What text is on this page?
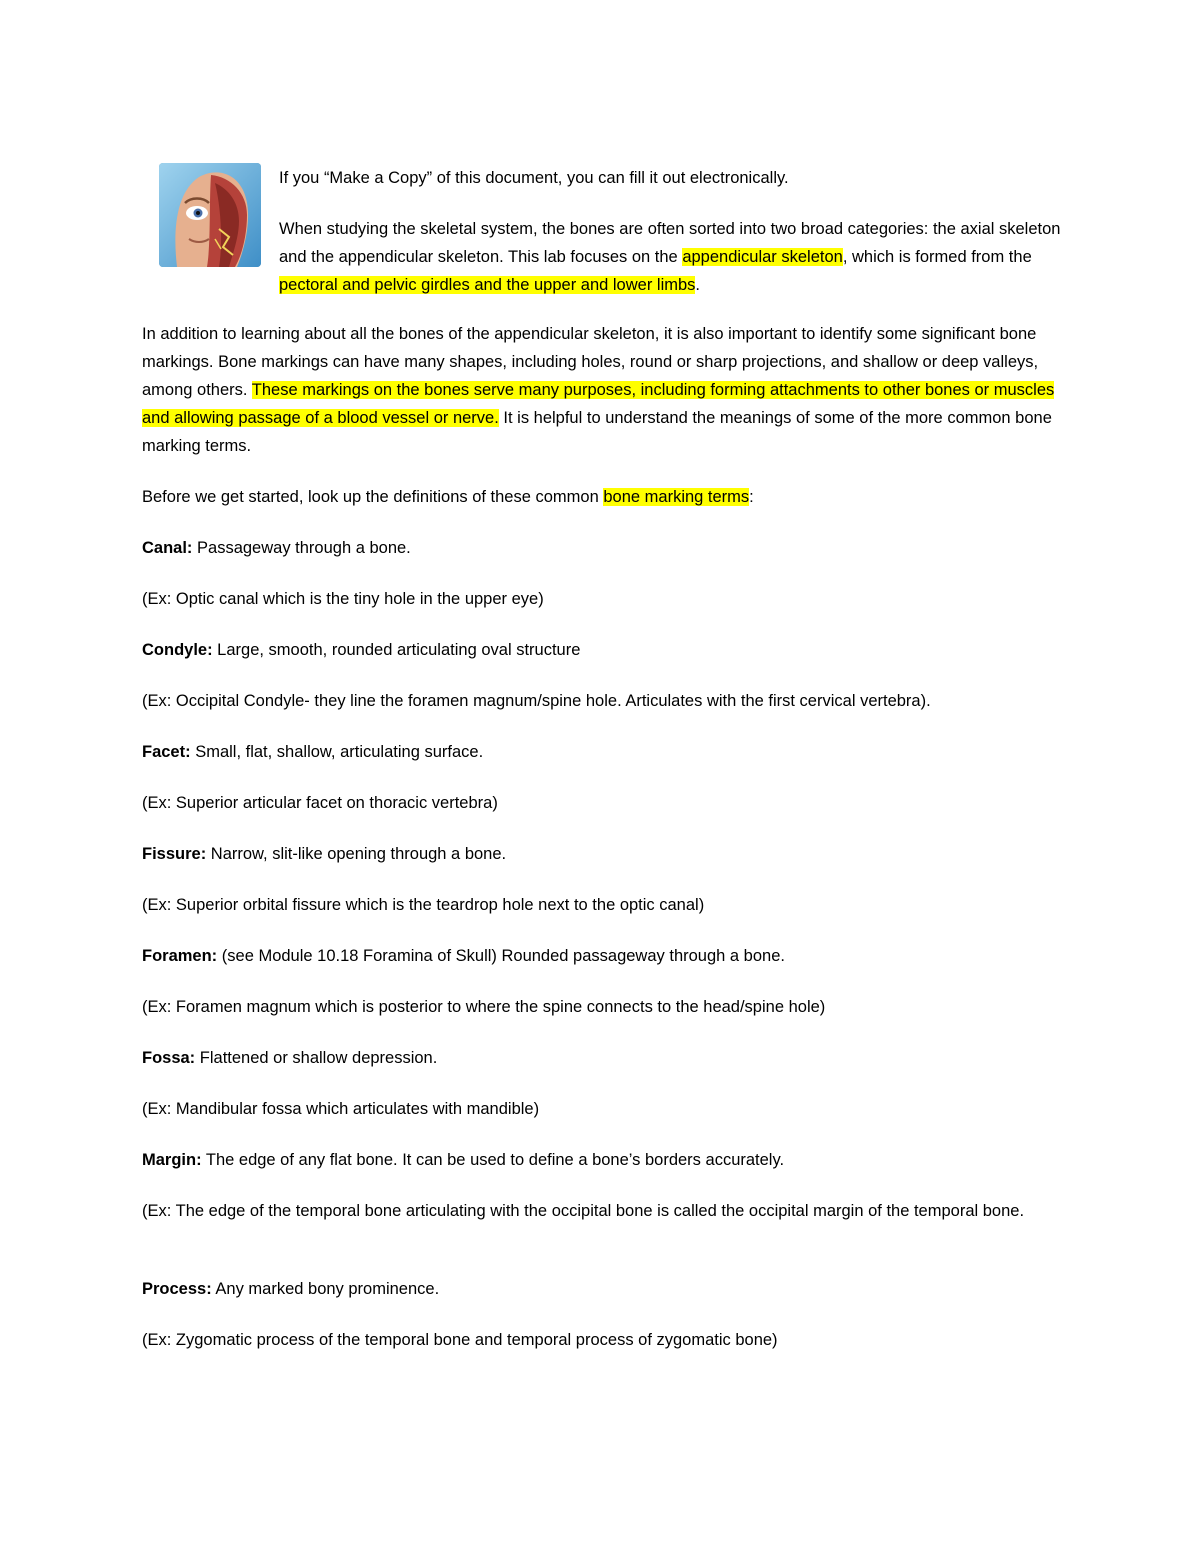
If you “Make a Copy” of this document, you can fill it out electronically.

When studying the skeletal system, the bones are often sorted into two broad categories: the axial skeleton and the appendicular skeleton. This lab focuses on the appendicular skeleton, which is formed from the pectoral and pelvic girdles and the upper and lower limbs.

In addition to learning about all the bones of the appendicular skeleton, it is also important to identify some significant bone markings. Bone markings can have many shapes, including holes, round or sharp projections, and shallow or deep valleys, among others. These markings on the bones serve many purposes, including forming attachments to other bones or muscles and allowing passage of a blood vessel or nerve. It is helpful to understand the meanings of some of the more common bone marking terms.

Before we get started, look up the definitions of these common bone marking terms:

Canal: Passageway through a bone.

(Ex: Optic canal which is the tiny hole in the upper eye)

Condyle: Large, smooth, rounded articulating oval structure

(Ex: Occipital Condyle- they line the foramen magnum/spine hole. Articulates with the first cervical vertebra).

Facet: Small, flat, shallow, articulating surface.

(Ex: Superior articular facet on thoracic vertebra)

Fissure: Narrow, slit-like opening through a bone.

(Ex: Superior orbital fissure which is the teardrop hole next to the optic canal)

Foramen: (see Module 10.18 Foramina of Skull) Rounded passageway through a bone.

(Ex: Foramen magnum which is posterior to where the spine connects to the head/spine hole)

Fossa: Flattened or shallow depression.

(Ex: Mandibular fossa which articulates with mandible)

Margin: The edge of any flat bone. It can be used to define a bone’s borders accurately.

(Ex: The edge of the temporal bone articulating with the occipital bone is called the occipital margin of the temporal bone.

Process: Any marked bony prominence.

(Ex: Zygomatic process of the temporal bone and temporal process of zygomatic bone)
